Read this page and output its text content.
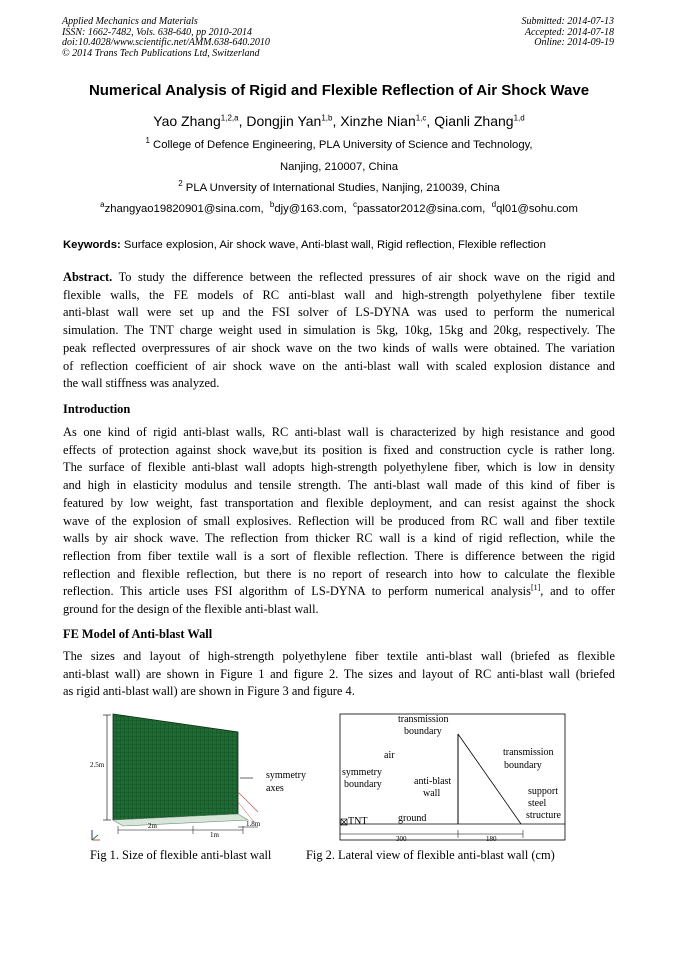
Applied Mechanics and Materials
ISSN: 1662-7482, Vols. 638-640, pp 2010-2014
doi:10.4028/www.scientific.net/AMM.638-640.2010
© 2014 Trans Tech Publications Ltd, Switzerland
Submitted: 2014-07-13
Accepted: 2014-07-18
Online: 2014-09-19
Numerical Analysis of Rigid and Flexible Reflection of Air Shock Wave
Yao Zhang$^{1,2,a}$, Dongjin Yan$^{1,b}$, Xinzhe Nian$^{1,c}$, Qianli Zhang$^{1,d}$
$^1$ College of Defence Engineering, PLA University of Science and Technology,
Nanjing, 210007, China
$^2$ PLA Unversity of International Studies, Nanjing, 210039, China
$^a$zhangyao19820901@sina.com, $^b$djy@163.com, $^c$passator2012@sina.com, $^d$ql01@sohu.com
Keywords: Surface explosion, Air shock wave, Anti-blast wall, Rigid reflection, Flexible reflection
Abstract. To study the difference between the reflected pressures of air shock wave on the rigid and
flexible walls, the FE models of RC anti-blast wall and high-strength polyethylene fiber textile
anti-blast wall were set up and the FSI solver of LS-DYNA was used to perform the numerical
simulation. The TNT charge weight used in simulation is 5kg, 10kg, 15kg and 20kg, respectively. The
peak reflected overpressures of air shock wave on the two kinds of walls were obtained. The variation
of reflection coefficient of air shock wave on the anti-blast wall with scaled explosion distance and
the wall stiffness was analyzed.
Introduction
As one kind of rigid anti-blast walls, RC anti-blast wall is characterized by high resistance and good
effects of protection against shock wave,but its position is fixed and construction cycle is rather long.
The surface of flexible anti-blast wall adopts high-strength polyethylene fiber, which is low in density
and high in elasticity modulus and tensile strength. The anti-blast wall made of this kind of fiber is
featured by low weight, fast transportation and flexible deployment, and can resist against the shock
wave of the explosion of small explosives. Reflection will be produced from RC wall and fiber textile
walls by air shock wave. The reflection from thicker RC wall is a kind of rigid reflection, while the
reflection from fiber textile wall is a sort of flexible reflection. There is difference between the rigid
reflection and flexible reflection, but there is no report of research into how to calculate the flexible
reflection. This article uses FSI algorithm of LS-DYNA to perform numerical analysis[1], and to offer
ground for the design of the flexible anti-blast wall.
FE Model of Anti-blast Wall
The sizes and layout of high-strength polyethylene fiber textile anti-blast wall (briefed as flexible
anti-blast wall) are shown in Figure 1 and figure 2. The sizes and layout of RC anti-blast wall (briefed
as rigid anti-blast wall) are shown in Figure 3 and figure 4.
2.5m
symmetry
axes
2m
1m
1.8m
Fig 1. Size of flexible anti-blast wall
300	180
transmission
boundary
air
symmetry
boundary	anti-blast
wall
transmission
boundary
support
steel
structure
TNT	ground
Fig 2. Lateral view of flexible anti-blast wall (cm)
